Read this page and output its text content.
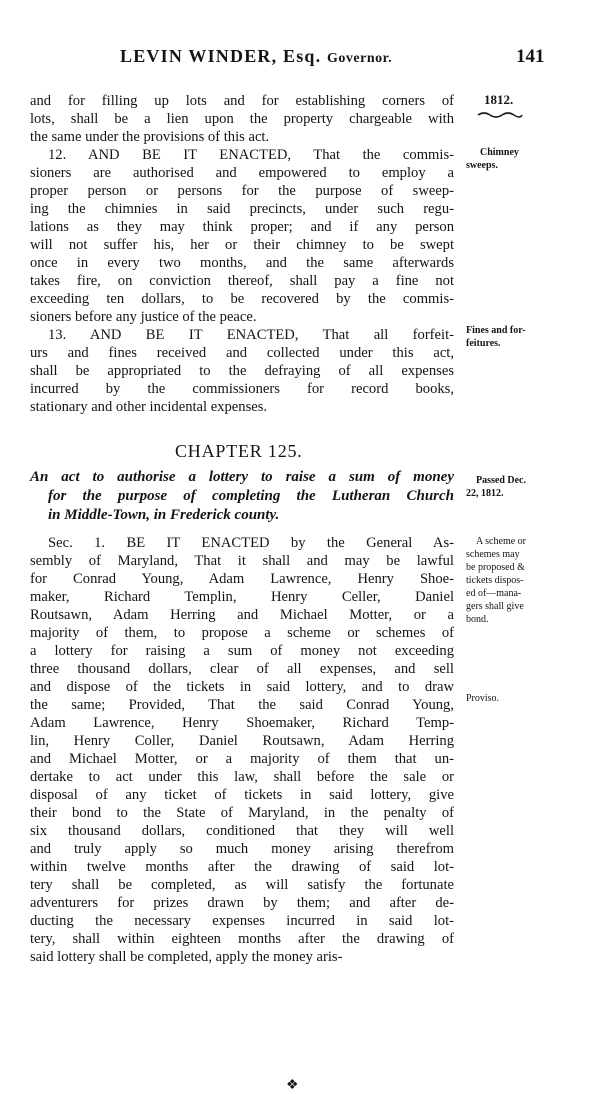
LEVIN WINDER, Esq. Governor.	141
1812.
and for filling up lots and for establishing corners of
lots, shall be a lien upon the property chargeable with
the same under the provisions of this act.
12. AND BE IT ENACTED, That the commis-
sioners are authorised and empowered to employ a
proper person or persons for the purpose of sweep-
ing the chimnies in said precincts, under such regu-
lations as they may think proper; and if any person
will not suffer his, her or their chimney to be swept
once in every two months, and the same afterwards
takes fire, on conviction thereof, shall pay a fine not
exceeding ten dollars, to be recovered by the commis-
sioners before any justice of the peace.
13. AND BE IT ENACTED, That all forfeit-
urs and fines received and collected under this act,
shall be appropriated to the defraying of all expenses
incurred by the commissioners for record books,
stationary and other incidental expenses.
CHAPTER 125.
An act to authorise a lottery to raise a sum of money
for the purpose of completing the Lutheran Church
in Middle-Town, in Frederick county.
Sec. 1. BE IT ENACTED by the General As-
sembly of Maryland, That it shall and may be lawful
for Conrad Young, Adam Lawrence, Henry Shoe-
maker, Richard Templin, Henry Celler, Daniel
Routsawn, Adam Herring and Michael Motter, or a
majority of them, to propose a scheme or schemes of
a lottery for raising a sum of money not exceeding
three thousand dollars, clear of all expenses, and sell
and dispose of the tickets in said lottery, and to draw
the same; Provided, That the said Conrad Young,
Adam Lawrence, Henry Shoemaker, Richard Temp-
lin, Henry Coller, Daniel Routsawn, Adam Herring
and Michael Motter, or a majority of them that un-
dertake to act under this law, shall before the sale or
disposal of any ticket of tickets in said lottery, give
their bond to the State of Maryland, in the penalty of
six thousand dollars, conditioned that they will well
and truly apply so much money arising therefrom
within twelve months after the drawing of said lot-
tery shall be completed, as will satisfy the fortunate
adventurers for prizes drawn by them; and after de-
ducting the necessary expenses incurred in said lot-
tery, shall within eighteen months after the drawing of
said lottery shall be completed, apply the money aris-
Chimney
sweeps.
Fines and for-
feitures.
Passed Dec.
22, 1812.
A scheme or
schemes may
be proposed &
tickets dispos-
ed of—mana-
gers shall give
bond.
Proviso.
❖
